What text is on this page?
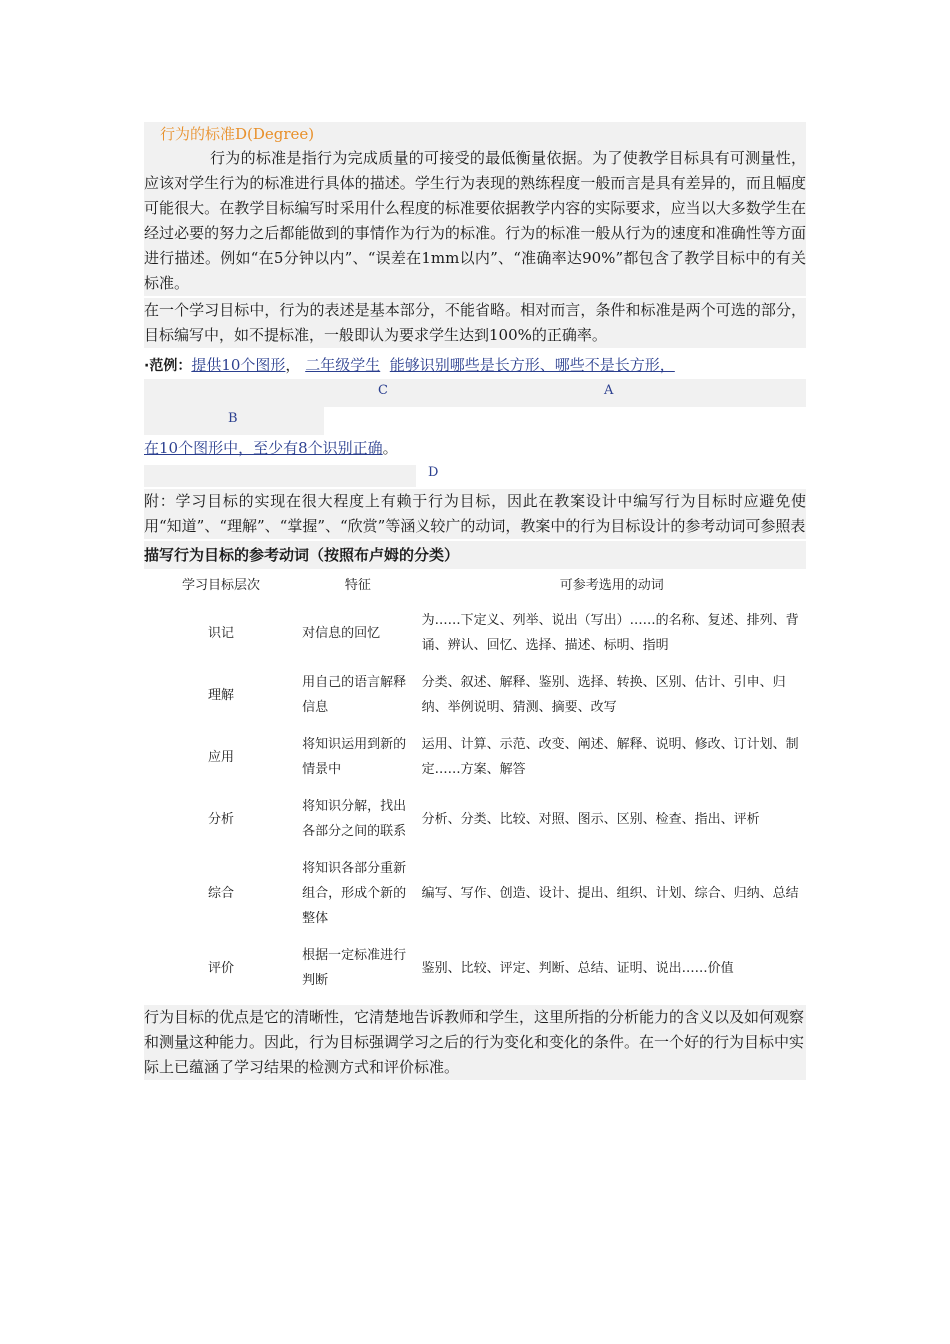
行为的标准D(Degree)
行为的标准是指行为完成质量的可接受的最低衡量依据。为了使教学目标具有可测量性，应该对学生行为的标准进行具体的描述。学生行为表现的熟练程度一般而言是具有差异的，而且幅度可能很大。在教学目标编写时采用什么程度的标准要依据教学内容的实际要求，应当以大多数学生在经过必要的努力之后都能做到的事情作为行为的标准。行为的标准一般从行为的速度和准确性等方面进行描述。例如“在5分钟以内”、“误差在1mm以内”、“准确率达90%”都包含了教学目标中的有关标准。
在一个学习目标中，行为的表述是基本部分，不能省略。相对而言，条件和标准是两个可选的部分，目标编写中，如不提标准，一般即认为要求学生达到100%的正确率。
·范例：提供10个图形， 二年级学生 能够识别哪些是长方形、哪些不是长方形，
C	A
B
在10个图形中，至少有8个识别正确。
D
附：学习目标的实现在很大程度上有赖于行为目标，因此在教案设计中编写行为目标时应避免使用“知道”、“理解”、“掌握”、“欣赏”等涵义较广的动词，教案中的行为目标设计的参考动词可参照表
描写行为目标的参考动词（按照布卢姆的分类）
学习目标层次	特征	可参考选用的动词
识记	对信息的回忆	为……下定义、列举、说出（写出）……的名称、复述、排列、背诵、辨认、回忆、选择、描述、标明、指明
理解	用自己的语言解释信息	分类、叙述、解释、鉴别、选择、转换、区别、估计、引申、归纳、举例说明、猜测、摘要、改写
应用	将知识运用到新的情景中	运用、计算、示范、改变、阐述、解释、说明、修改、订计划、制定……方案、解答
分析	将知识分解，找出各部分之间的联系	分析、分类、比较、对照、图示、区别、检查、指出、评析
综合	将知识各部分重新组合，形成个新的整体	编写、写作、创造、设计、提出、组织、计划、综合、归纳、总结
评价	根据一定标准进行判断	鉴别、比较、评定、判断、总结、证明、说出……价值
行为目标的优点是它的清晰性，它清楚地告诉教师和学生，这里所指的分析能力的含义以及如何观察和测量这种能力。因此，行为目标强调学习之后的行为变化和变化的条件。在一个好的行为目标中实际上已蕴涵了学习结果的检测方式和评价标准。
